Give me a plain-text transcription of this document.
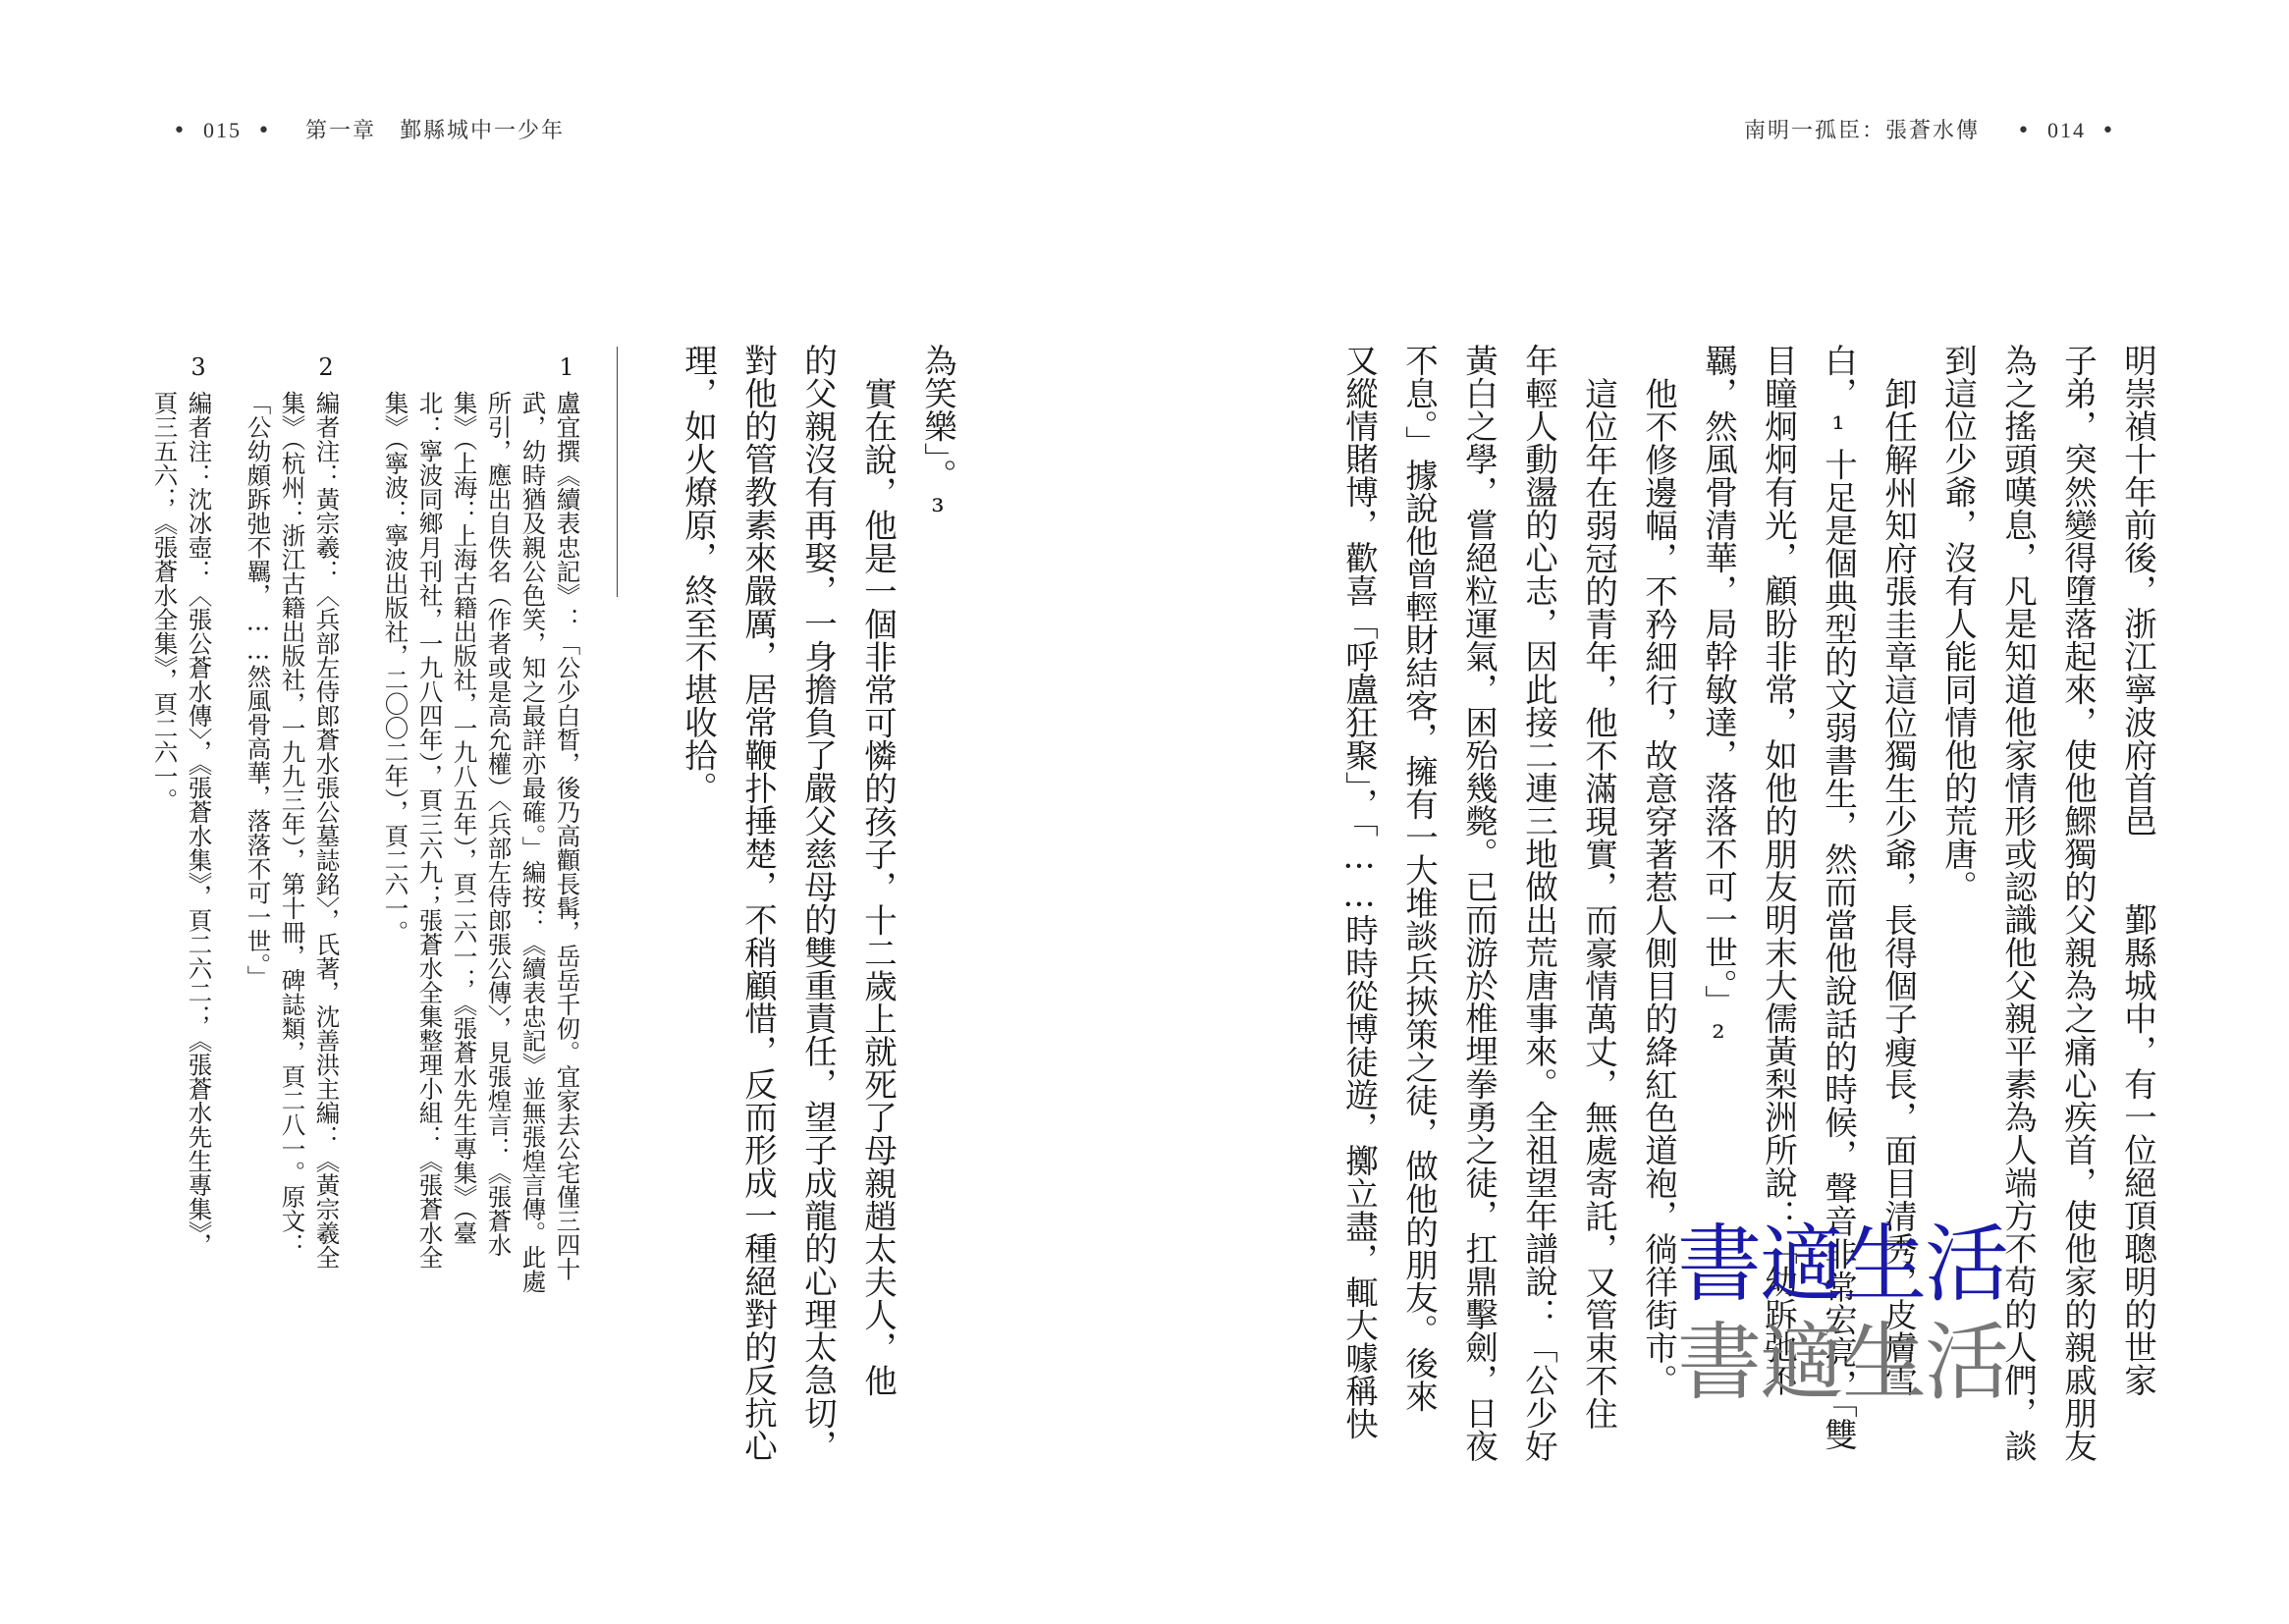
• 015 • 第一章　鄞縣城中一少年	南明一孤臣：張蒼水傳 • 014 •
明崇禎十年前後，浙江寧波府首邑　　鄞縣城中，有一位絕頂聰明的世家
子弟，突然變得墮落起來，使他鰥獨的父親為之痛心疾首，使他家的親戚朋友
為之搖頭嘆息，凡是知道他家情形或認識他父親平素為人端方不苟的人們，談
到這位少爺，沒有人能同情他的荒唐。
卸任解州知府張圭章這位獨生少爺，長得個子瘦長，面目清秀，皮膚雪
白，¹十足是個典型的文弱書生，然而當他說話的時候，聲音非常宏亮，「雙
目瞳炯炯有光，顧盼非常，如他的朋友明末大儒黃梨洲所說：「幼跅弛不
羈，然風骨清華，局幹敏達，落落不可一世。」²
他不修邊幅，不矜細行，故意穿著惹人側目的絳紅色道袍，徜徉街市。
這位年在弱冠的青年，他不滿現實，而豪情萬丈，無處寄託，又管束不住
年輕人動盪的心志，因此接二連三地做出荒唐事來。全祖望年譜說：「公少好
黃白之學，嘗絕粒運氣，困殆幾斃。已而游於椎埋拳勇之徒，扛鼎擊劍，日夜
不息。」據說他曾輕財結客，擁有一大堆談兵挾策之徒，做他的朋友。後來
又縱情賭博，歡喜「呼盧狂聚」，「……時時從博徒遊，擲立盡，輒大噱稱快
為笑樂」。³
實在說，他是一個非常可憐的孩子，十二歲上就死了母親趙太夫人，他
的父親沒有再娶，一身擔負了嚴父慈母的雙重責任，望子成龍的心理太急切，
對他的管教素來嚴厲，居常鞭扑捶楚，不稍顧惜，反而形成一種絕對的反抗心
理，如火燎原，終至不堪收拾。
1
盧宜撰《續表忠記》：「公少白晳，後乃高顴長髯，岳岳千仞。宜家去公宅僅三四十
武，幼時猶及親公色笑，知之最詳亦最確。」編按：《續表忠記》並無張煌言傳。此處
所引，應出自佚名（作者或是高允權）〈兵部左侍郎張公傳〉，見張煌言：《張蒼水
集》（上海：上海古籍出版社，一九八五年），頁二六一；《張蒼水先生專集》（臺
北：寧波同鄉月刊社，一九八四年），頁三六九；張蒼水全集整理小組：《張蒼水全
集》（寧波：寧波出版社，二〇〇二年），頁二六一。
2
編者注：黃宗羲：〈兵部左侍郎蒼水張公墓誌銘〉，氏著，沈善洪主編：《黃宗羲全
集》（杭州：浙江古籍出版社，一九九三年），第十冊，碑誌類，頁二八一。原文：
「公幼頗跅弛不羈，……然風骨高華，落落不可一世。」
3
編者注：沈冰壺：〈張公蒼水傳〉，《張蒼水集》，頁二六二；《張蒼水先生專集》，
頁三五六；《張蒼水全集》，頁二六一。
書適生活
書適生活
